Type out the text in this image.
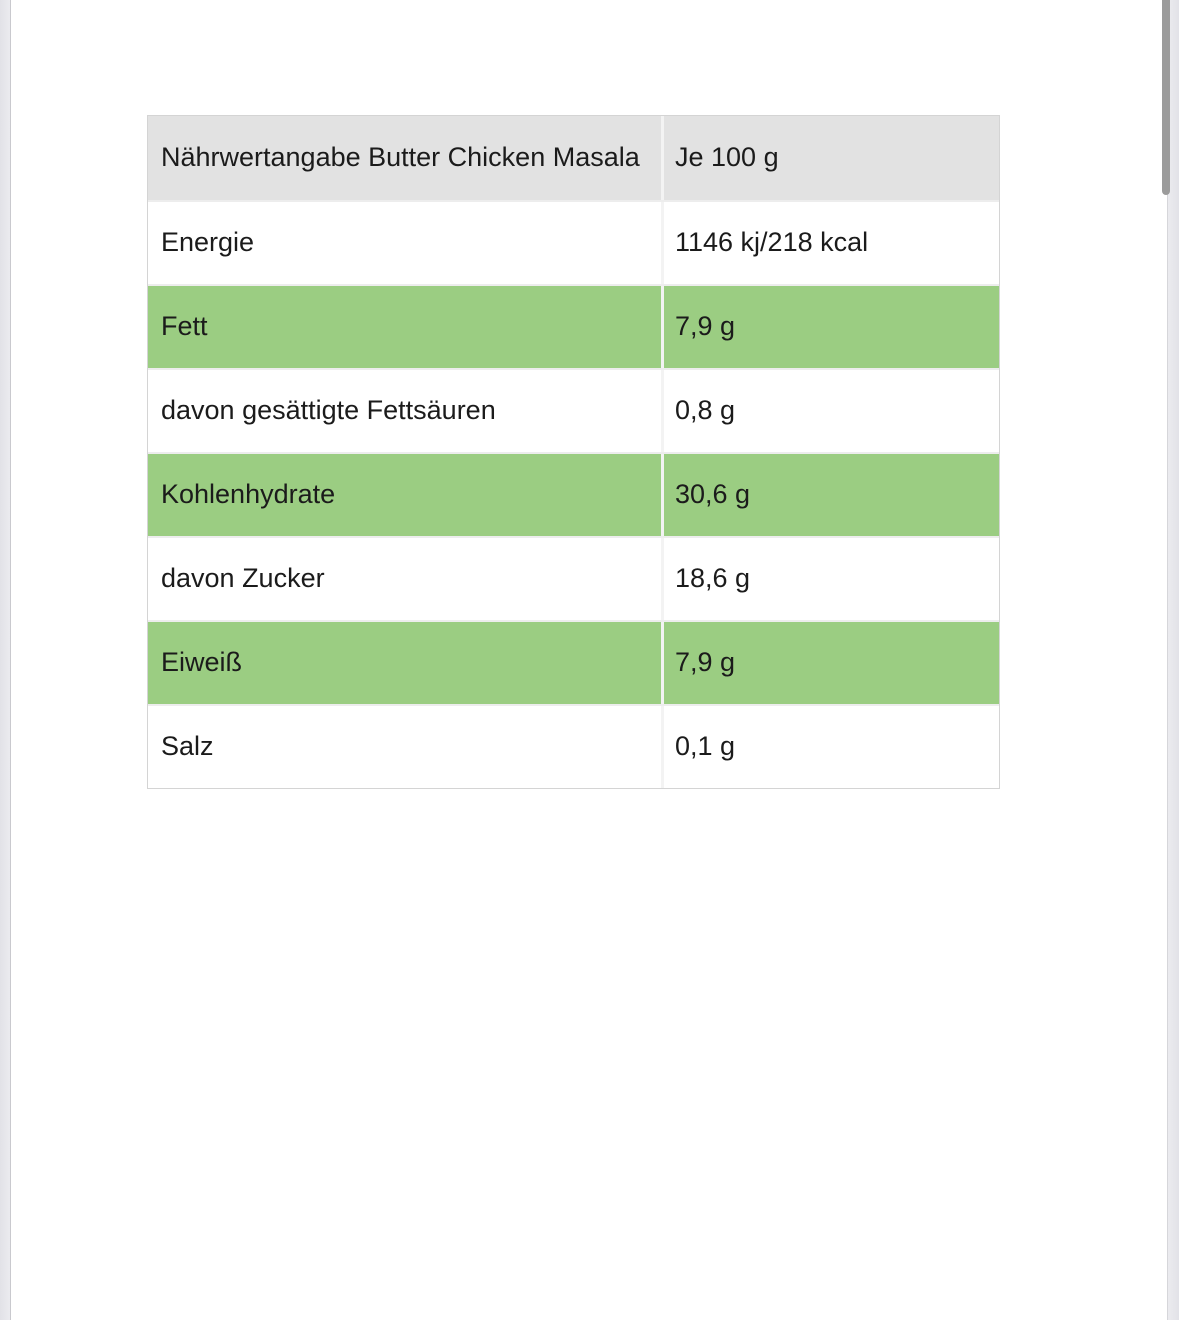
Nährwertangabe Butter Chicken Masala	Je 100 g
Energie	1146 kj/218 kcal
Fett	7,9 g
davon gesättigte Fettsäuren	0,8 g
Kohlenhydrate	30,6 g
davon Zucker	18,6 g
Eiweiß	7,9 g
Salz	0,1 g
